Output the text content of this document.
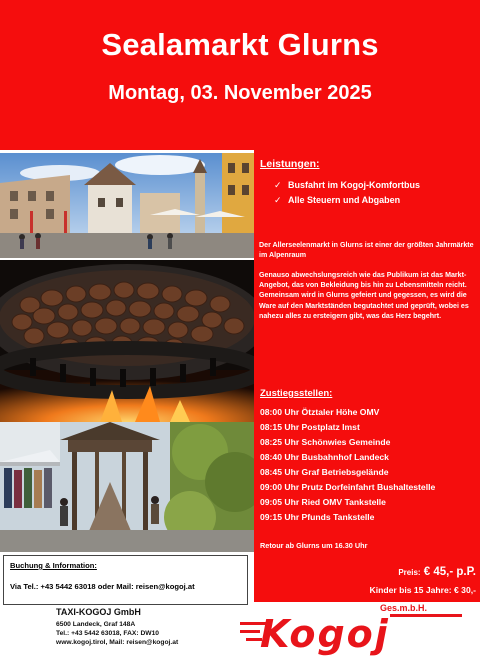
Sealamarkt Glurns
Montag, 03. November 2025
Leistungen:
✓ Busfahrt im Kogoj-Komfortbus
✓ Alle Steuern und Abgaben
Der Allerseelenmarkt in Glurns ist einer der größten Jahrmärkte im Alpenraum
Genauso abwechslungsreich wie das Publikum ist das Markt-Angebot, das von Bekleidung bis hin zu Lebensmitteln reicht. Gemeinsam wird in Glurns gefeiert und gegessen, es wird die Ware auf den Marktständen begutachtet und geprüft, wobei es nahezu alles zu ersteigern gibt, was das Herz begehrt.
Zustiegsstellen:
08:00 Uhr Ötztaler Höhe OMV
08:15 Uhr Postplatz Imst
08:25 Uhr Schönwies Gemeinde
08:40 Uhr Busbahnhof Landeck
08:45 Uhr Graf Betriebsgelände
09:00 Uhr Prutz Dorfeinfahrt Bushaltestelle
09:05 Uhr Ried OMV Tankstelle
09:15 Uhr Pfunds Tankstelle
Retour ab Glurns um 16.30 Uhr
Preis: € 45,- p.P.
Kinder bis 15 Jahre: € 30,-
Buchung & Information:
Via Tel.: +43 5442 63018 oder Mail: reisen@kogoj.at
TAXI-KOGOJ GmbH
6500 Landeck, Graf 148A
Tel.: +43 5442 63018, FAX: DW10
www.kogoj.tirol, Mail: reisen@kogoj.at
Ges.m.b.H.
Kogoj
